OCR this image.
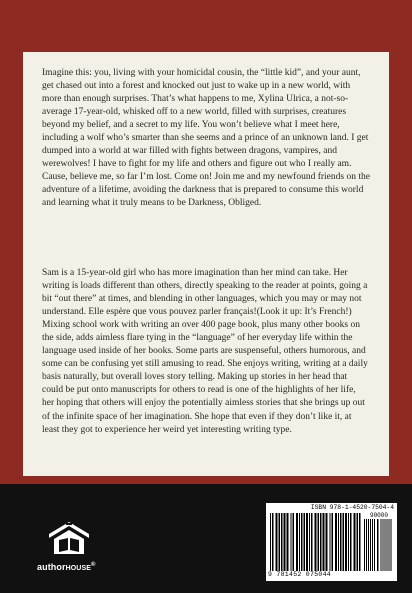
Imagine this: you, living with your homicidal cousin, the “little kid”, and your aunt, get chased out into a forest and knocked out just to wake up in a new world, with more than enough surprises. That’s what happens to me, Xylina Ulrica, a not-so-average 17-year-old, whisked off to a new world, filled with surprises, creatures beyond my belief, and a secret to my life. You won’t believe what I meet here, including a wolf who’s smarter than she seems and a prince of an unknown land. I get dumped into a world at war filled with fights between dragons, vampires, and werewolves! I have to fight for my life and others and figure out who I really am. Cause, believe me, so far I’m lost. Come on! Join me and my newfound friends on the adventure of a lifetime, avoiding the darkness that is prepared to consume this world and learning what it truly means to be Darkness, Obliged.

Sam is a 15-year-old girl who has more imagination than her mind can take. Her writing is loads different than others, directly speaking to the reader at points, going a bit “out there” at times, and blending in other languages, which you may or may not understand. Elle espère que vous pouvez parler français!(Look it up: It’s French!) Mixing school work with writing an over 400 page book, plus many other books on the side, adds aimless flare tying in the “language” of her everyday life within the language used inside of her books. Some parts are suspenseful, others humorous, and some can be confusing yet still amusing to read. She enjoys writing, writing at a daily basis naturally, but overall loves story telling. Making up stories in her head that could be put onto manuscripts for others to read is one of the highlights of her life, her hoping that others will enjoy the potentially aimless stories that she brings up out of the infinite space of her imagination. She hope that even if they don’t like it, at least they got to experience her weird yet interesting writing type.

authorHOUSE®
ISBN 978-1-4520-7504-4
90000
9 781452 075044
